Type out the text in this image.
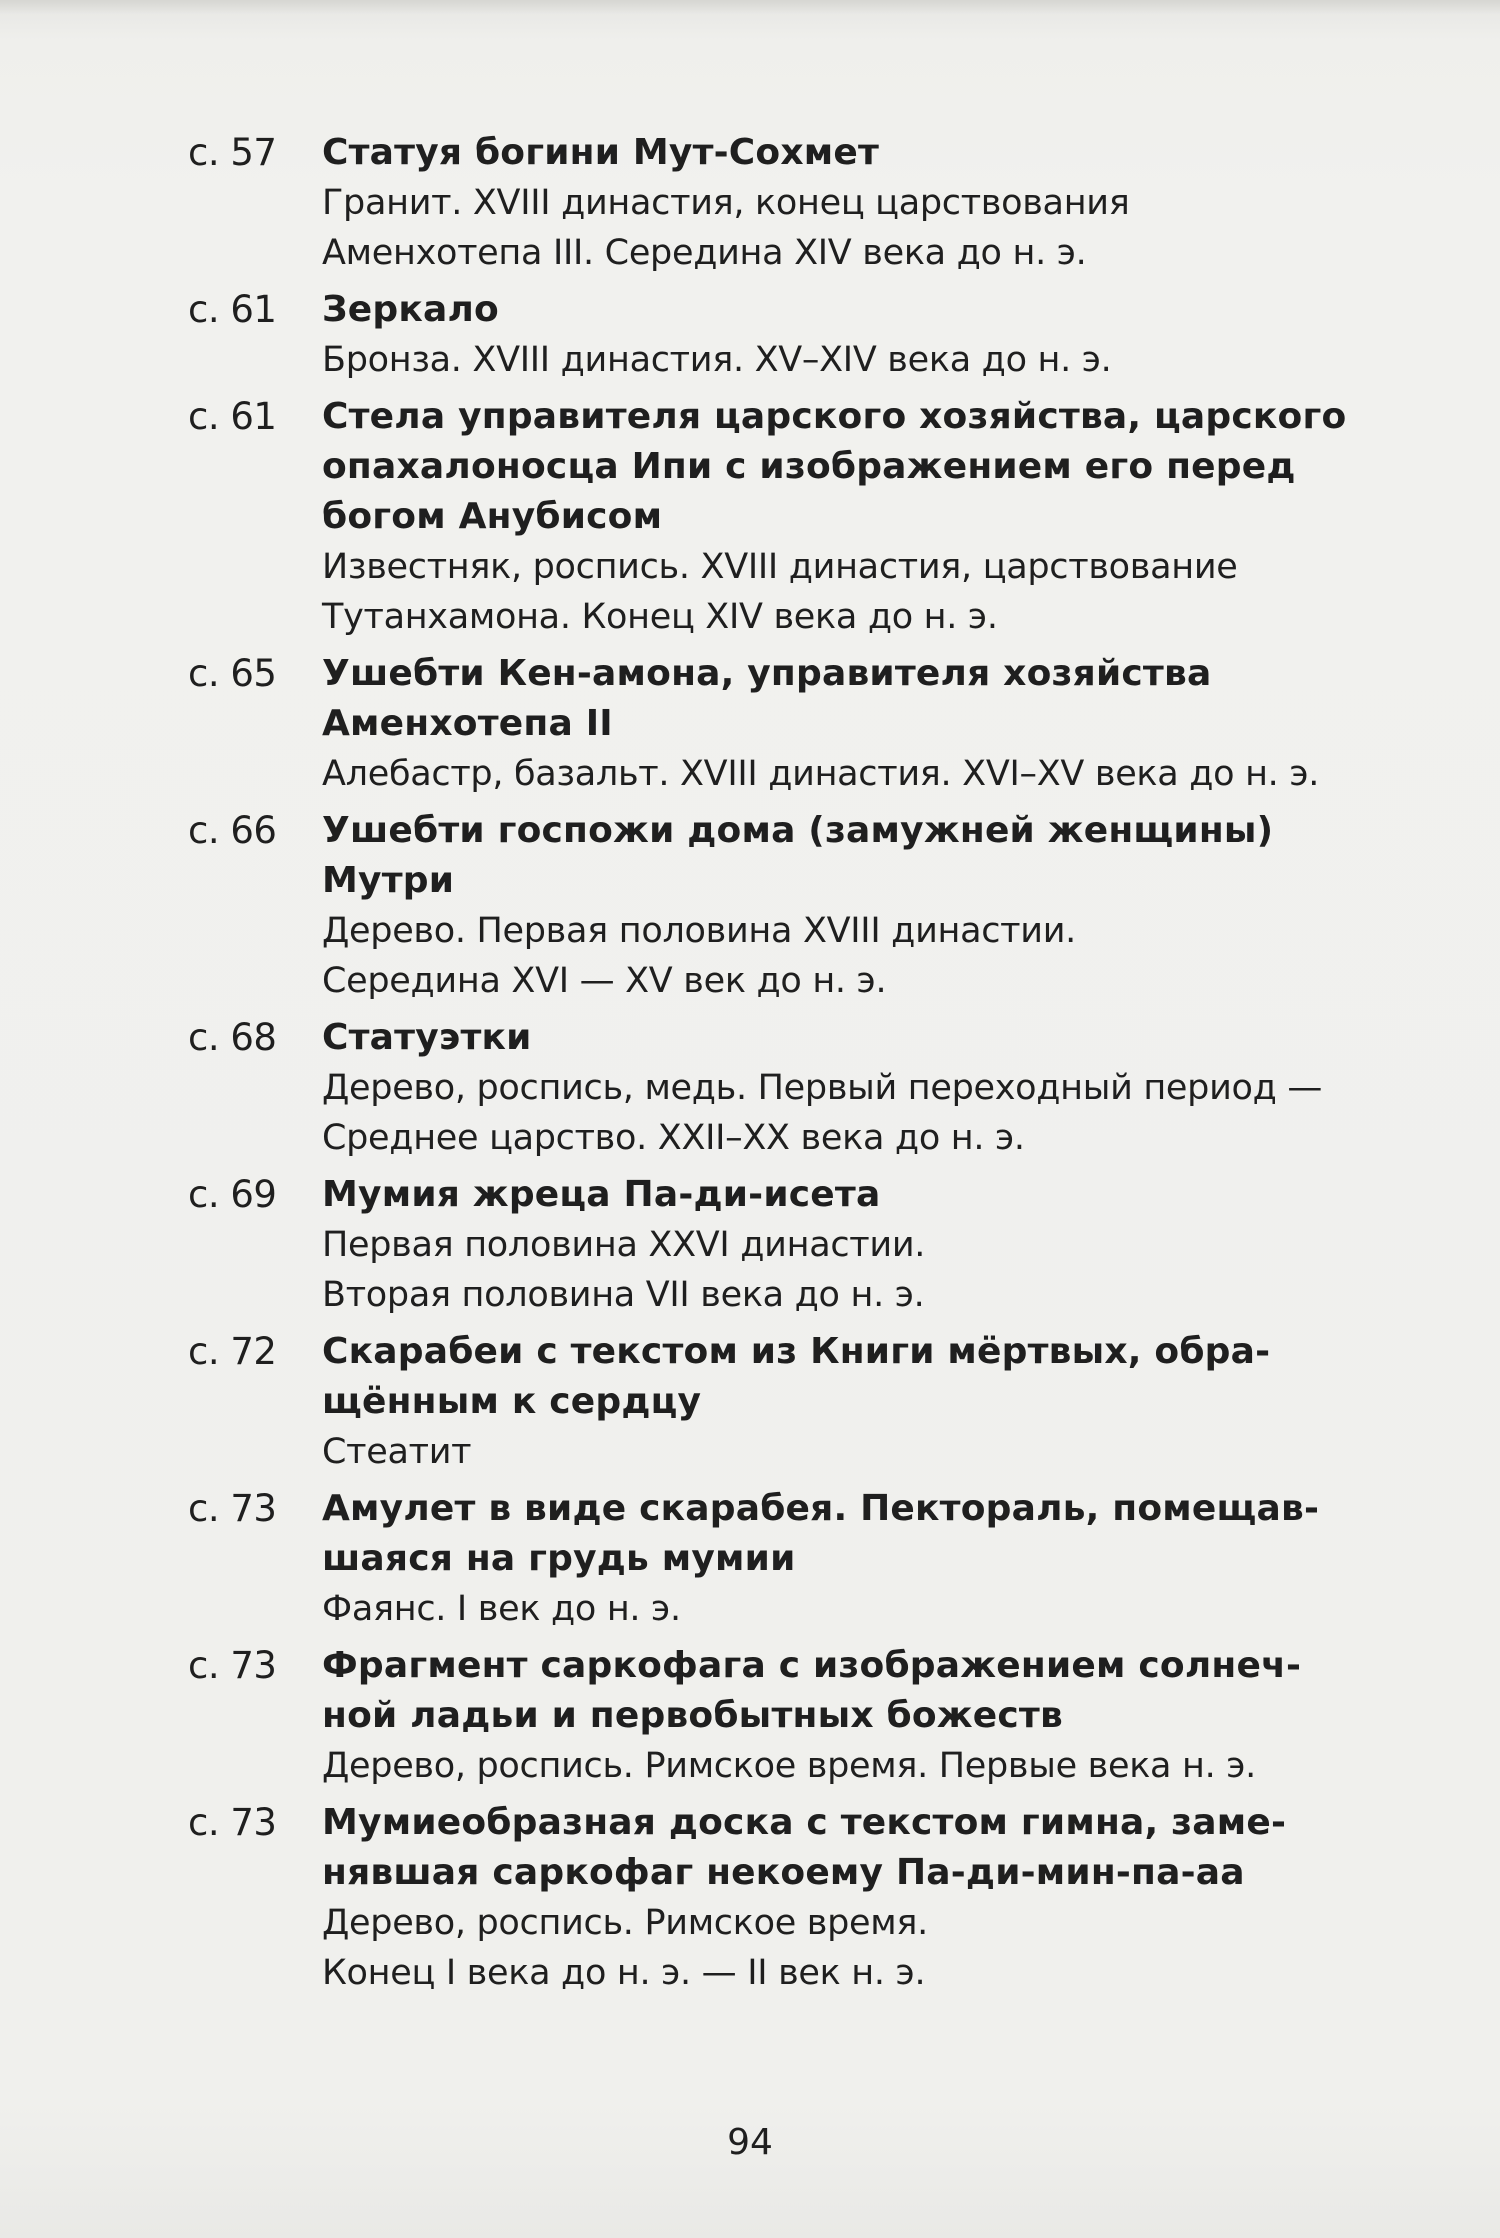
с. 57	Статуя богини Мут-Сохмет
Гранит. XVIII династия, конец царствования
Аменхотепа III. Середина XIV века до н. э.
с. 61	Зеркало
Бронза. XVIII династия. XV–XIV века до н. э.
с. 61	Стела управителя царского хозяйства, царского
опахалоносца Ипи с изображением его перед
богом Анубисом
Известняк, роспись. XVIII династия, царствование
Тутанхамона. Конец XIV века до н. э.
с. 65	Ушебти Кен-амона, управителя хозяйства
Аменхотепа II
Алебастр, базальт. XVIII династия. XVI–XV века до н. э.
с. 66	Ушебти госпожи дома (замужней женщины)
Мутри
Дерево. Первая половина XVIII династии.
Середина XVI — XV век до н. э.
с. 68	Статуэтки
Дерево, роспись, медь. Первый переходный период —
Среднее царство. XXII–XX века до н. э.
с. 69	Мумия жреца Па-ди-исета
Первая половина XXVI династии.
Вторая половина VII века до н. э.
с. 72	Скарабеи с текстом из Книги мёртвых, обра-
щённым к сердцу
Стеатит
с. 73	Амулет в виде скарабея. Пектораль, помещав-
шаяся на грудь мумии
Фаянс. I век до н. э.
с. 73	Фрагмент саркофага с изображением солнеч-
ной ладьи и первобытных божеств
Дерево, роспись. Римское время. Первые века н. э.
с. 73	Мумиеобразная доска с текстом гимна, заме-
нявшая саркофаг некоему Па-ди-мин-па-аа
Дерево, роспись. Римское время.
Конец I века до н. э. — II век н. э.
94
